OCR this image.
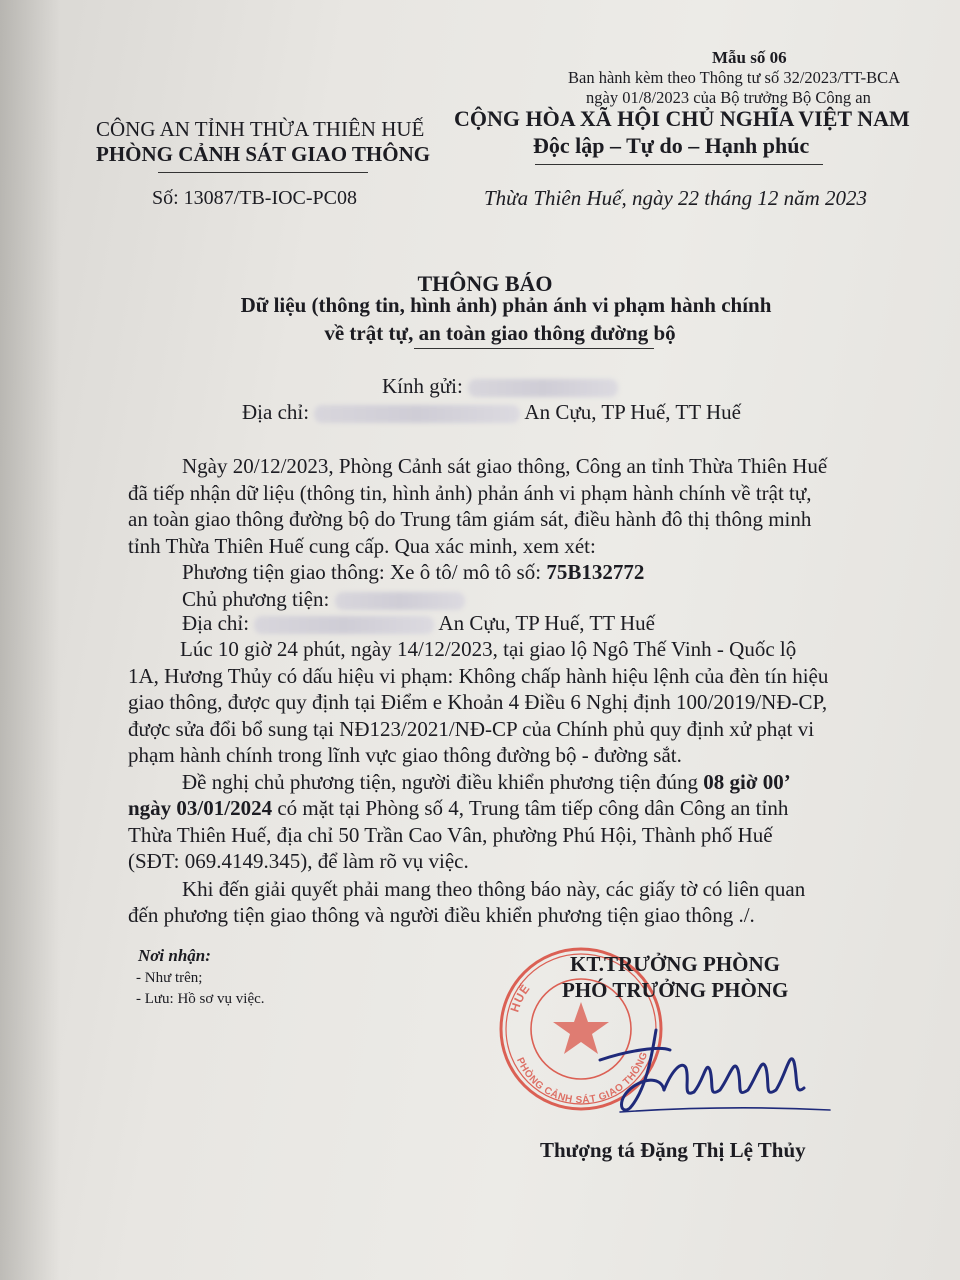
Mẫu số 06
Ban hành kèm theo Thông tư số 32/2023/TT-BCA
ngày 01/8/2023 của Bộ trưởng Bộ Công an
CÔNG AN TỈNH THỪA THIÊN HUẾ
PHÒNG CẢNH SÁT GIAO THÔNG
CỘNG HÒA XÃ HỘI CHỦ NGHĨA VIỆT NAM
Độc lập – Tự do – Hạnh phúc
Số: 13087/TB-IOC-PC08	Thừa Thiên Huế, ngày 22 tháng 12 năm 2023
THÔNG BÁO
Dữ liệu (thông tin, hình ảnh) phản ánh vi phạm hành chính
về trật tự, an toàn giao thông đường bộ
Kính gửi:
Địa chỉ:	An Cựu, TP Huế, TT Huế
Ngày 20/12/2023, Phòng Cảnh sát giao thông, Công an tỉnh Thừa Thiên Huế
đã tiếp nhận dữ liệu (thông tin, hình ảnh) phản ánh vi phạm hành chính về trật tự,
an toàn giao thông đường bộ do Trung tâm giám sát, điều hành đô thị thông minh
tỉnh Thừa Thiên Huế cung cấp. Qua xác minh, xem xét:
Phương tiện giao thông: Xe ô tô/ mô tô số: 75B132772
Chủ phương tiện:
Địa chỉ:	An Cựu, TP Huế, TT Huế
Lúc 10 giờ 24 phút, ngày 14/12/2023, tại giao lộ Ngô Thế Vinh - Quốc lộ
1A, Hương Thủy có dấu hiệu vi phạm: Không chấp hành hiệu lệnh của đèn tín hiệu
giao thông, được quy định tại Điểm e Khoản 4 Điều 6 Nghị định 100/2019/NĐ-CP,
được sửa đổi bổ sung tại NĐ123/2021/NĐ-CP của Chính phủ quy định xử phạt vi
phạm hành chính trong lĩnh vực giao thông đường bộ - đường sắt.
Đề nghị chủ phương tiện, người điều khiển phương tiện đúng 08 giờ 00’
ngày 03/01/2024 có mặt tại Phòng số 4, Trung tâm tiếp công dân Công an tỉnh
Thừa Thiên Huế, địa chỉ 50 Trần Cao Vân, phường Phú Hội, Thành phố Huế
(SĐT: 069.4149.345), để làm rõ vụ việc.
Khi đến giải quyết phải mang theo thông báo này, các giấy tờ có liên quan
đến phương tiện giao thông và người điều khiển phương tiện giao thông ./.
Nơi nhận:
- Như trên;
- Lưu: Hồ sơ vụ việc.	HUẾ
PHÒNG CẢNH SÁT GIAO THÔNG
KT.TRƯỞNG PHÒNG
PHÓ TRƯỞNG PHÒNG
Thượng tá Đặng Thị Lệ Thủy
